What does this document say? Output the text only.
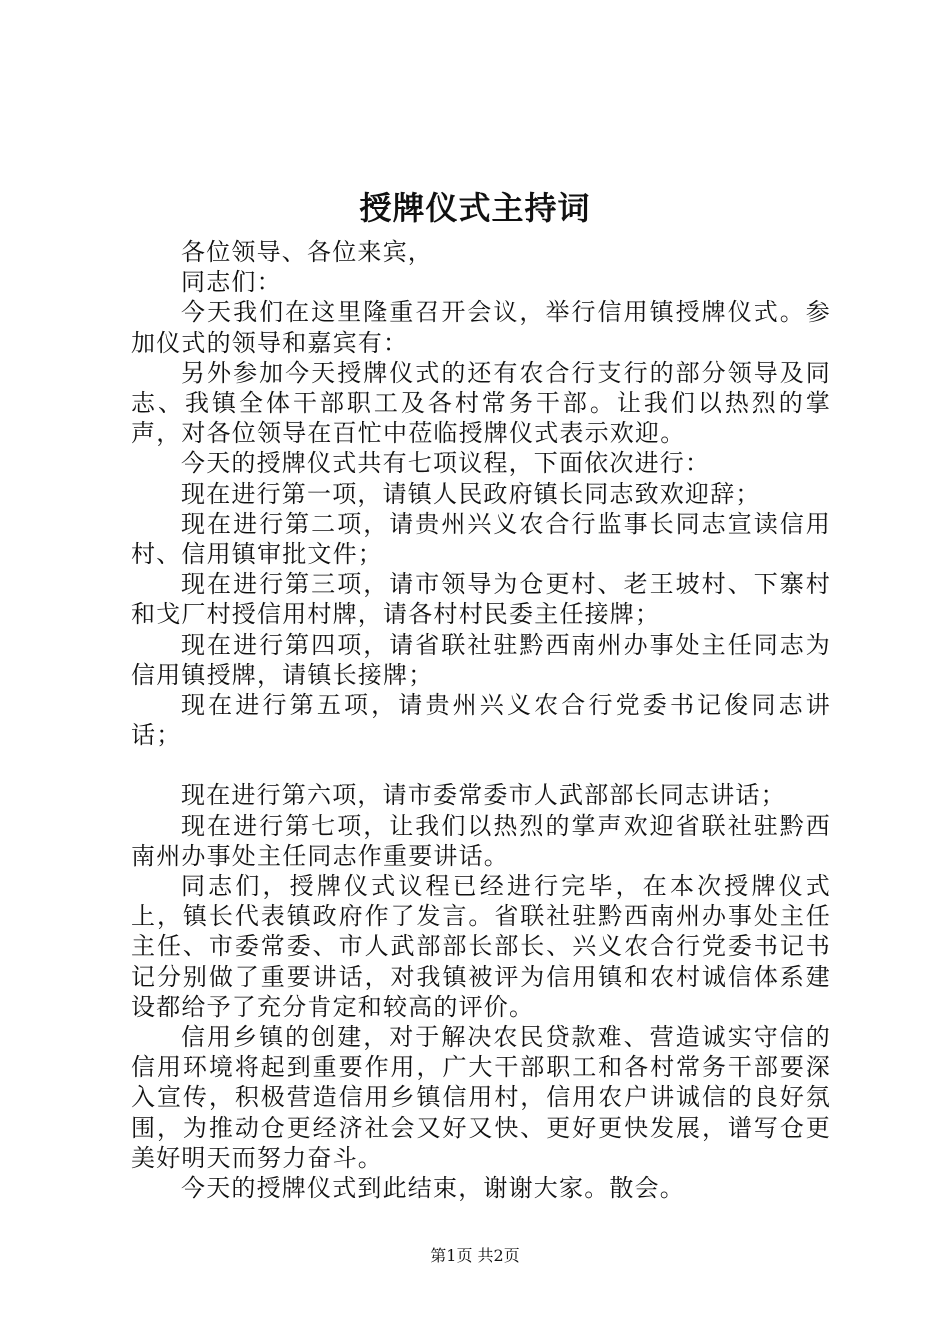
授牌仪式主持词

各位领导、各位来宾，

同志们：

今天我们在这里隆重召开会议，举行信用镇授牌仪式。参加仪式的领导和嘉宾有：

另外参加今天授牌仪式的还有农合行支行的部分领导及同志、我镇全体干部职工及各村常务干部。让我们以热烈的掌声，对各位领导在百忙中莅临授牌仪式表示欢迎。

今天的授牌仪式共有七项议程，下面依次进行：

现在进行第一项，请镇人民政府镇长同志致欢迎辞；

现在进行第二项，请贵州兴义农合行监事长同志宣读信用村、信用镇审批文件；

现在进行第三项，请市领导为仓更村、老王坡村、下寨村和戈厂村授信用村牌，请各村村民委主任接牌；

现在进行第四项，请省联社驻黔西南州办事处主任同志为信用镇授牌，请镇长接牌；

现在进行第五项，请贵州兴义农合行党委书记俊同志讲话；

现在进行第六项，请市委常委市人武部部长同志讲话；

现在进行第七项，让我们以热烈的掌声欢迎省联社驻黔西南州办事处主任同志作重要讲话。

同志们，授牌仪式议程已经进行完毕，在本次授牌仪式上，镇长代表镇政府作了发言。省联社驻黔西南州办事处主任主任、市委常委、市人武部部长部长、兴义农合行党委书记书记分别做了重要讲话，对我镇被评为信用镇和农村诚信体系建设都给予了充分肯定和较高的评价。

信用乡镇的创建，对于解决农民贷款难、营造诚实守信的信用环境将起到重要作用，广大干部职工和各村常务干部要深入宣传，积极营造信用乡镇信用村，信用农户讲诚信的良好氛围，为推动仓更经济社会又好又快、更好更快发展，谱写仓更美好明天而努力奋斗。

今天的授牌仪式到此结束，谢谢大家。散会。

第1页 共2页
